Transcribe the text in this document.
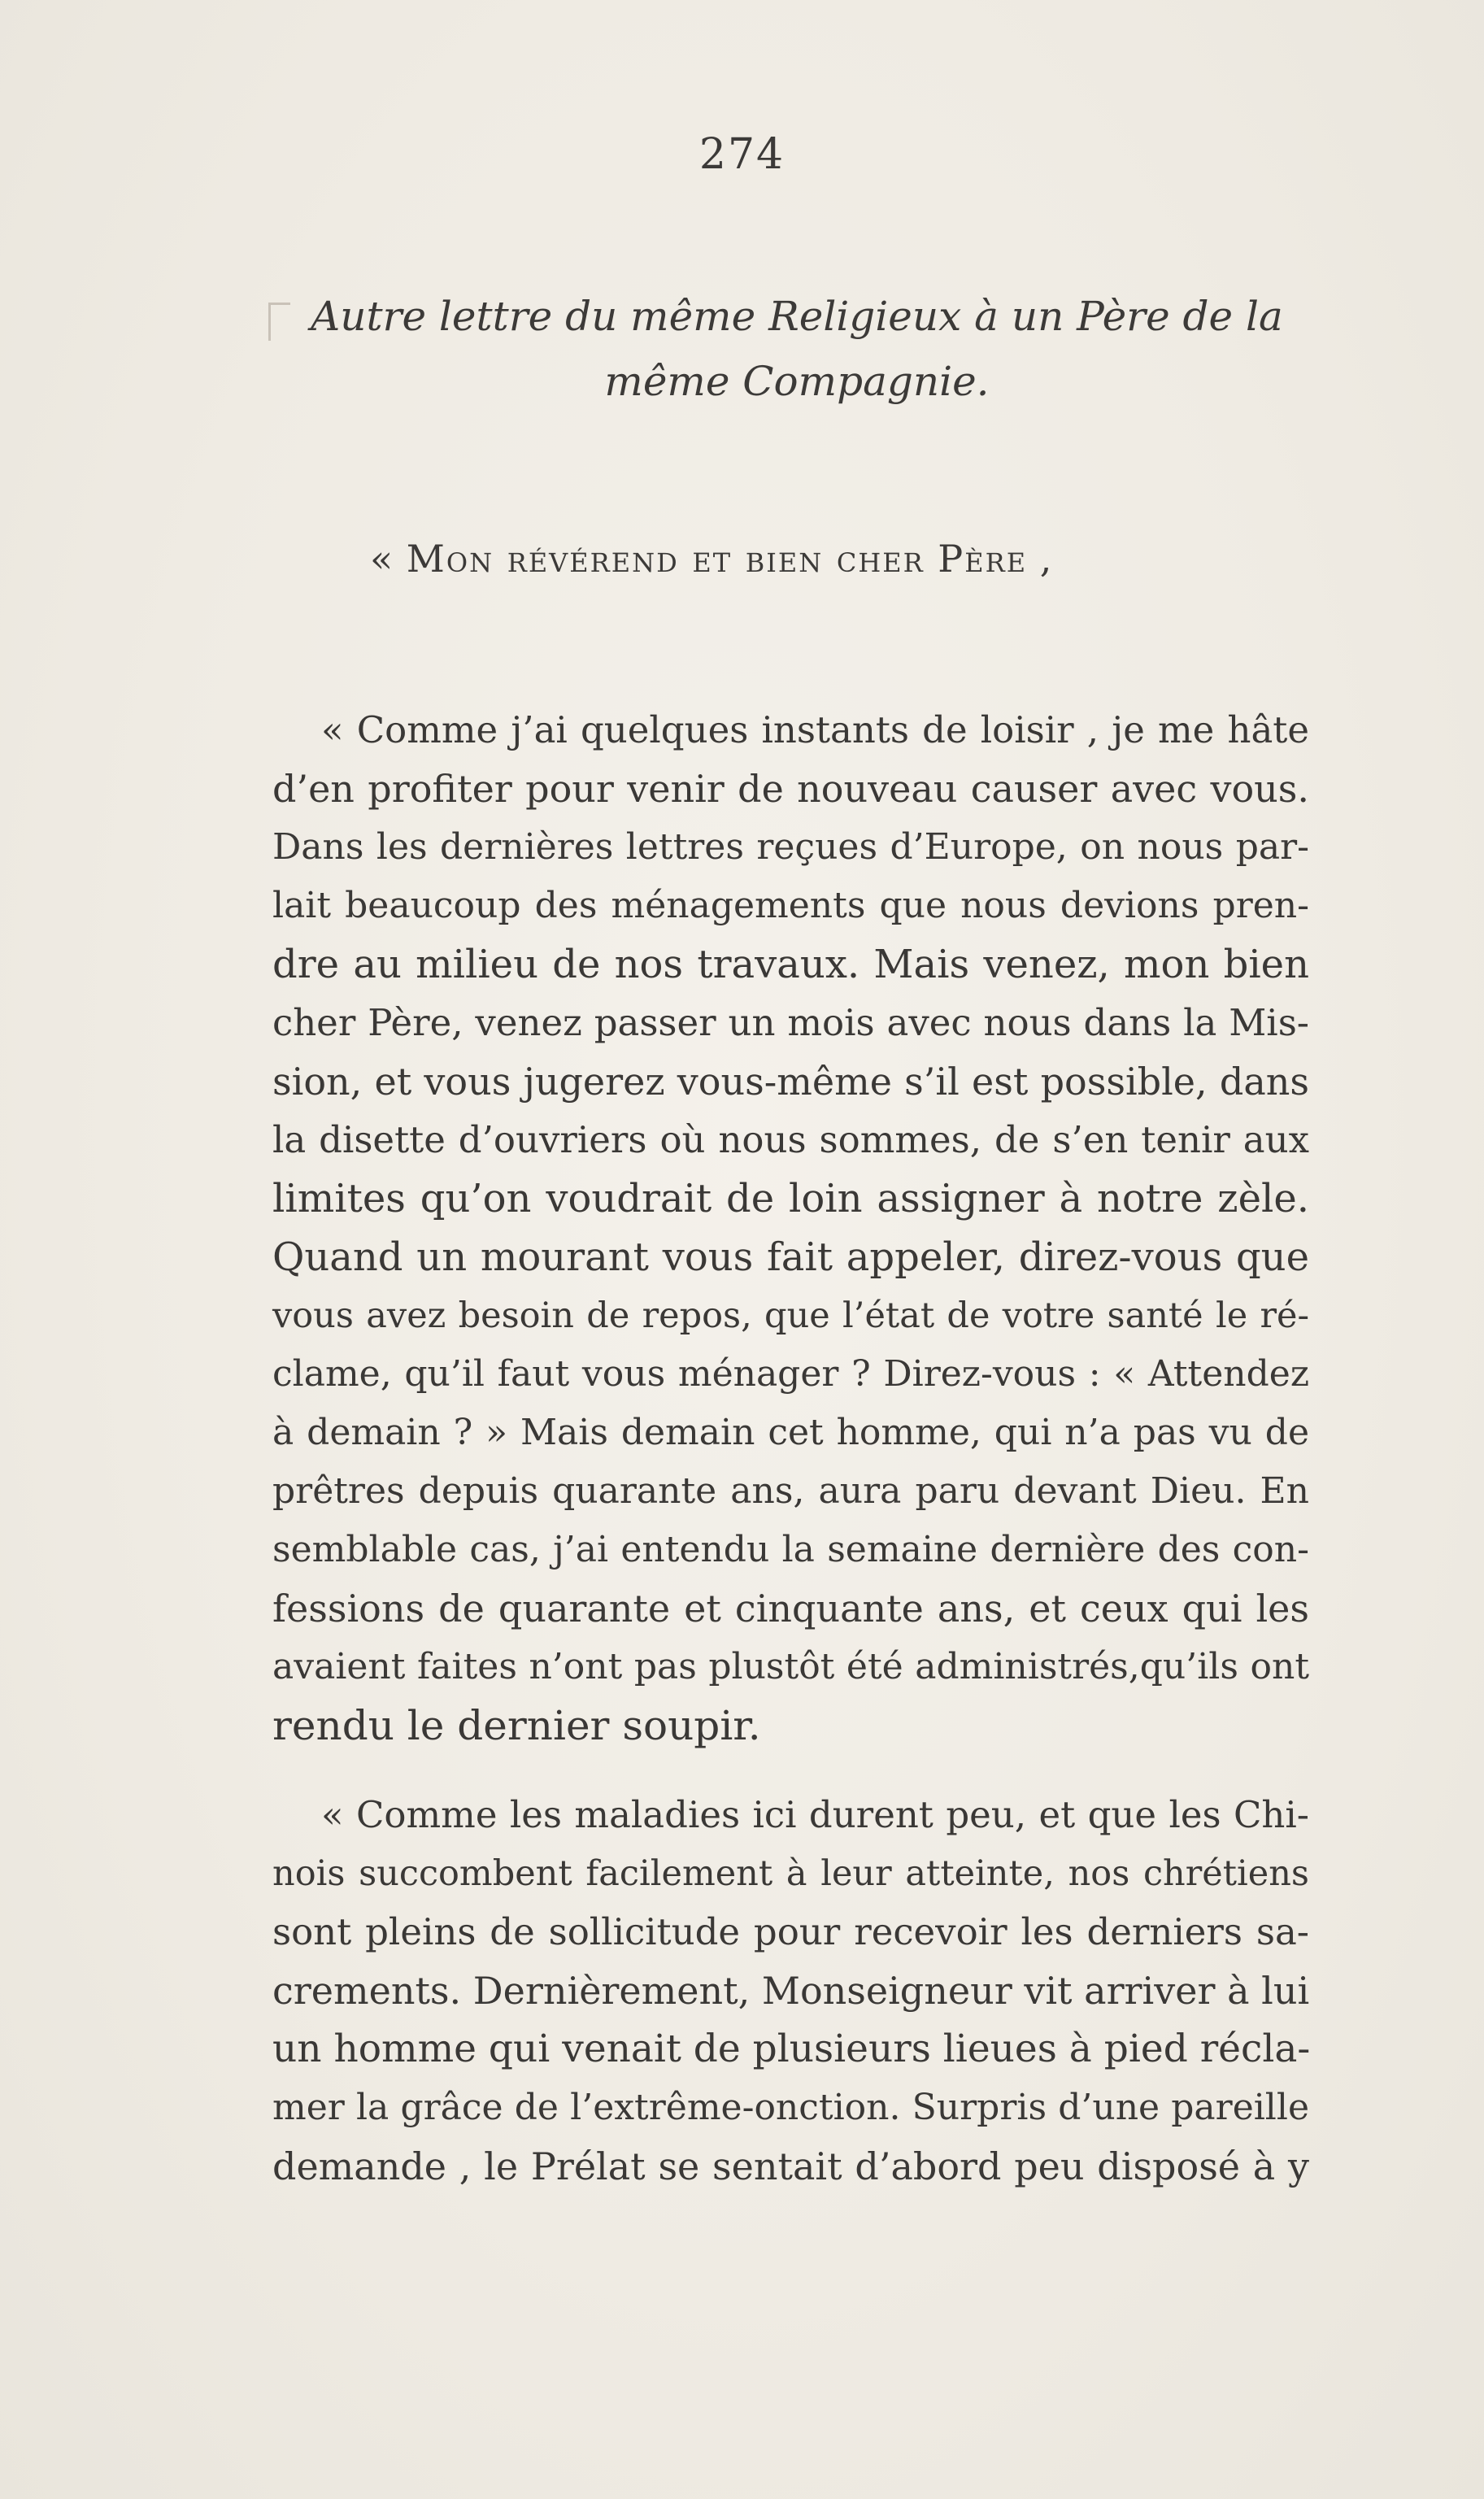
274
Autre lettre du même Religieux à un Père de la
même Compagnie.
« Mon révérend et bien cher Père ,
« Comme j’ai quelques instants de loisir , je me hâte
d’en profiter pour venir de nouveau causer avec vous.
Dans les dernières lettres reçues d’Europe, on nous par-
lait beaucoup des ménagements que nous devions pren-
dre au milieu de nos travaux. Mais venez, mon bien
cher Père, venez passer un mois avec nous dans la Mis-
sion, et vous jugerez vous-même s’il est possible, dans
la disette d’ouvriers où nous sommes, de s’en tenir aux
limites qu’on voudrait de loin assigner à notre zèle.
Quand un mourant vous fait appeler, direz-vous que
vous avez besoin de repos, que l’état de votre santé le ré-
clame, qu’il faut vous ménager ? Direz-vous : « Attendez
à demain ? » Mais demain cet homme, qui n’a pas vu de
prêtres depuis quarante ans, aura paru devant Dieu. En
semblable cas, j’ai entendu la semaine dernière des con-
fessions de quarante et cinquante ans, et ceux qui les
avaient faites n’ont pas plustôt été administrés,qu’ils ont
rendu le dernier soupir.
« Comme les maladies ici durent peu, et que les Chi-
nois succombent facilement à leur atteinte, nos chrétiens
sont pleins de sollicitude pour recevoir les derniers sa-
crements. Dernièrement, Monseigneur vit arriver à lui
un homme qui venait de plusieurs lieues à pied récla-
mer la grâce de l’extrême-onction. Surpris d’une pareille
demande , le Prélat se sentait d’abord peu disposé à y
